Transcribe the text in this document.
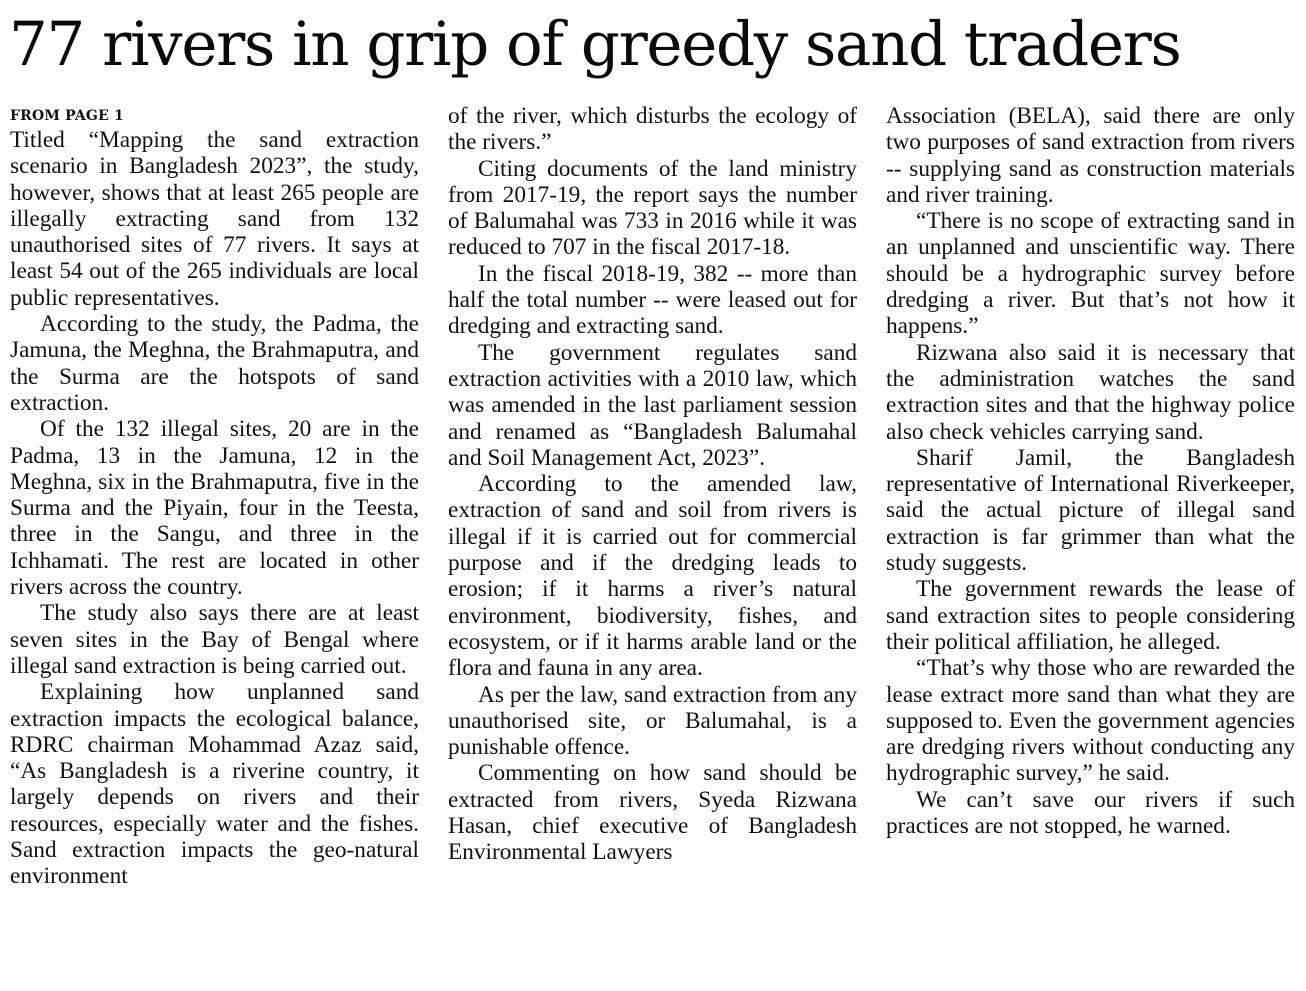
77 rivers in grip of greedy sand traders
FROM PAGE 1

Titled “Mapping the sand extraction scenario in Bangladesh 2023”, the study, however, shows that at least 265 people are illegally extracting sand from 132 unauthorised sites of 77 rivers. It says at least 54 out of the 265 individuals are local public representatives.

According to the study, the Padma, the Jamuna, the Meghna, the Brahmaputra, and the Surma are the hotspots of sand extraction.

Of the 132 illegal sites, 20 are in the Padma, 13 in the Jamuna, 12 in the Meghna, six in the Brahmaputra, five in the Surma and the Piyain, four in the Teesta, three in the Sangu, and three in the Ichhamati. The rest are located in other rivers across the country.

The study also says there are at least seven sites in the Bay of Bengal where illegal sand extraction is being carried out.

Explaining how unplanned sand extraction impacts the ecological balance, RDRC chairman Mohammad Azaz said, “As Bangladesh is a riverine country, it largely depends on rivers and their resources, especially water and the fishes. Sand extraction impacts the geo-natural environment

of the river, which disturbs the ecology of the rivers.”

Citing documents of the land ministry from 2017-19, the report says the number of Balumahal was 733 in 2016 while it was reduced to 707 in the fiscal 2017-18.

In the fiscal 2018-19, 382 -- more than half the total number -- were leased out for dredging and extracting sand.

The government regulates sand extraction activities with a 2010 law, which was amended in the last parliament session and renamed as “Bangladesh Balumahal and Soil Management Act, 2023”.

According to the amended law, extraction of sand and soil from rivers is illegal if it is carried out for commercial purpose and if the dredging leads to erosion; if it harms a river’s natural environment, biodiversity, fishes, and ecosystem, or if it harms arable land or the flora and fauna in any area.

As per the law, sand extraction from any unauthorised site, or Balumahal, is a punishable offence.

Commenting on how sand should be extracted from rivers, Syeda Rizwana Hasan, chief executive of Bangladesh Environmental Lawyers

Association (BELA), said there are only two purposes of sand extraction from rivers -- supplying sand as construction materials and river training.

“There is no scope of extracting sand in an unplanned and unscientific way. There should be a hydrographic survey before dredging a river. But that’s not how it happens.”

Rizwana also said it is necessary that the administration watches the sand extraction sites and that the highway police also check vehicles carrying sand.

Sharif Jamil, the Bangladesh representative of International Riverkeeper, said the actual picture of illegal sand extraction is far grimmer than what the study suggests.

The government rewards the lease of sand extraction sites to people considering their political affiliation, he alleged.

“That’s why those who are rewarded the lease extract more sand than what they are supposed to. Even the government agencies are dredging rivers without conducting any hydrographic survey,” he said.

We can’t save our rivers if such practices are not stopped, he warned.
